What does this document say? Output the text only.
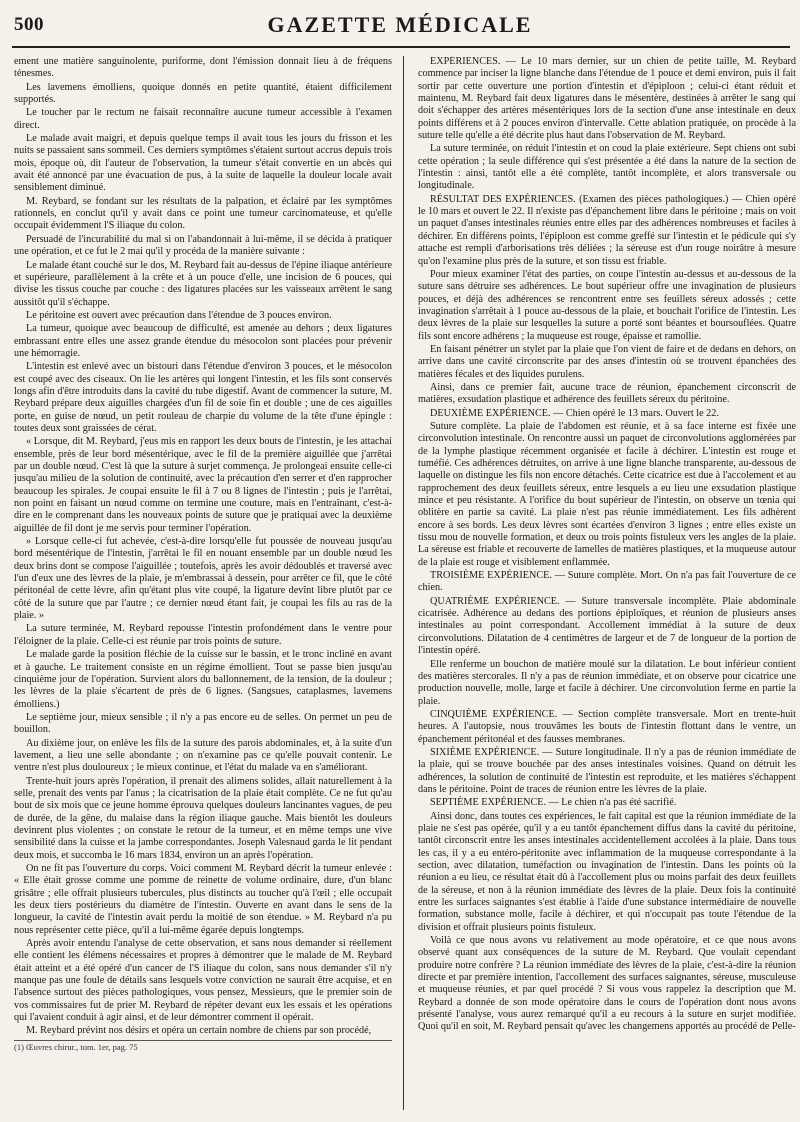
500	GAZETTE MÉDICALE

ement une matière sanguinolente, puriforme, dont l'émission donnait lieu à de fréquens ténesmes.

Les lavemens émolliens, quoique donnés en petite quantité, étaient difficilement supportés.

Le toucher par le rectum ne faisait reconnaître aucune tumeur accessible à l'examen direct.

Le malade avait maigri, et depuis quelque temps il avait tous les jours du frisson et les nuits se passaient sans sommeil. Ces derniers symptômes s'étaient surtout accrus depuis trois mois, époque où, dit l'auteur de l'observation, la tumeur s'était convertie en un abcès qui avait été annoncé par une évacuation de pus, à la suite de laquelle la douleur locale avait sensiblement diminué.

M. Reybard, se fondant sur les résultats de la palpation, et éclairé par les symptômes rationnels, en conclut qu'il y avait dans ce point une tumeur carcinomateuse, et qu'elle occupait évidemment l'S iliaque du colon.

Persuadé de l'incurabilité du mal si on l'abandonnait à lui-même, il se décida à pratiquer une opération, et ce fut le 2 mai qu'il y procéda de la manière suivante :

Le malade étant couché sur le dos, M. Reybard fait au-dessus de l'épine iliaque antérieure et supérieure, parallèlement à la crête et à un pouce d'elle, une incision de 6 pouces, qui divise les tissus couche par couche : des ligatures placées sur les vaisseaux arrêtent le sang aussitôt qu'il s'échappe.

Le péritoine est ouvert avec précaution dans l'étendue de 3 pouces environ.

La tumeur, quoique avec beaucoup de difficulté, est amenée au dehors ; deux ligatures embrassant entre elles une assez grande étendue du mésocolon sont placées pour prévenir une hémorragie.

L'intestin est enlevé avec un bistouri dans l'étendue d'environ 3 pouces, et le mésocolon est coupé avec des ciseaux. On lie les artères qui longent l'intestin, et les fils sont conservés longs afin d'être introduits dans la cavité du tube digestif. Avant de commencer la suture, M. Reybard prépare deux aiguilles chargées d'un fil de soie fin et double ; une de ces aiguilles porte, en guise de nœud, un petit rouleau de charpie du volume de la tête d'une épingle : toutes deux sont graissées de cérat.

« Lorsque, dit M. Reybard, j'eus mis en rapport les deux bouts de l'intestin, je les attachai ensemble, près de leur bord mésentérique, avec le fil de la première aiguillée que j'arrêtai par un double nœud. C'est là que la suture à surjet commença. Je prolongeai ensuite celle-ci jusqu'au milieu de la solution de continuité, avec la précaution d'en serrer et d'en rapprocher beaucoup les spirales. Je coupai ensuite le fil à 7 ou 8 lignes de l'intestin ; puis je l'arrêtai, non point en faisant un nœud comme on termine une couture, mais en l'entraînant, c'est-à-dire en le comprenant dans les nouveaux points de suture que je pratiquai avec la deuxième aiguillée de fil dont je me servis pour terminer l'opération.

» Lorsque celle-ci fut achevée, c'est-à-dire lorsqu'elle fut poussée de nouveau jusqu'au bord mésentérique de l'intestin, j'arrêtai le fil en nouant ensemble par un double nœud les deux brins dont se compose l'aiguillée ; toutefois, après les avoir dédoublés et traversé avec l'un d'eux une des lèvres de la plaie, je m'embrassai à dessein, pour arrêter ce fil, que le côté péritonéal de cette lèvre, afin qu'étant plus vite coupé, la ligature devînt libre plutôt par ce côté de la suture que par l'autre ; ce dernier nœud étant fait, je coupai les fils au ras de la plaie. »

La suture terminée, M. Reybard repousse l'intestin profondément dans le ventre pour l'éloigner de la plaie. Celle-ci est réunie par trois points de suture.

Le malade garde la position fléchie de la cuisse sur le bassin, et le tronc incliné en avant et à gauche. Le traitement consiste en un régime émollient. Tout se passe bien jusqu'au cinquième jour de l'opération. Survient alors du ballonnement, de la tension, de la douleur ; les lèvres de la plaie s'écartent de près de 6 lignes. (Sangsues, cataplasmes, lavemens émolliens.)

Le septième jour, mieux sensible ; il n'y a pas encore eu de selles. On permet un peu de bouillon.

Au dixième jour, on enlève les fils de la suture des parois abdominales, et, à la suite d'un lavement, a lieu une selle abondante ; on n'examine pas ce qu'elle pouvait contenir. Le ventre n'est plus douloureux ; le mieux continue, et l'état du malade va en s'améliorant.

Trente-huit jours après l'opération, il prenait des alimens solides, allait naturellement à la selle, prenait des vents par l'anus ; la cicatrisation de la plaie était complète. Ce ne fut qu'au bout de six mois que ce jeune homme éprouva quelques douleurs lancinantes vagues, de peu de durée, de la gêne, du malaise dans la région iliaque gauche. Mais bientôt les douleurs devinrent plus violentes ; on constate le retour de la tumeur, et en même temps une vive sensibilité dans la cuisse et la jambe correspondantes. Joseph Valesnaud garda le lit pendant deux mois, et succomba le 16 mars 1834, environ un an après l'opération.

On ne fit pas l'ouverture du corps. Voici comment M. Reybard décrit la tumeur enlevée : « Elle était grosse comme une pomme de reinette de volume ordinaire, dure, d'un blanc grisâtre ; elle offrait plusieurs tubercules, plus distincts au toucher qu'à l'œil ; elle occupait les deux tiers postérieurs du diamètre de l'intestin. Ouverte en avant dans le sens de la longueur, la cavité de l'intestin avait perdu la moitié de son étendue. » M. Reybard n'a pu nous représenter cette pièce, qu'il a lui-même égarée depuis longtemps.

Après avoir entendu l'analyse de cette observation, et sans nous demander si réellement elle contient les élémens nécessaires et propres à démontrer que le malade de M. Reybard était atteint et a été opéré d'un cancer de l'S iliaque du colon, sans nous demander s'il n'y manque pas une foule de détails sans lesquels votre conviction ne saurait être acquise, et en l'absence surtout des pièces pathologiques, vous pensez, Messieurs, que le premier soin de vos commissaires fut de prier M. Reybard de répéter devant eux les essais et les opérations qui l'avaient conduit à agir ainsi, et de leur démontrer comment il opérait.

M. Reybard prévint nos désirs et opéra un certain nombre de chiens par son procédé,

(1) Œuvres chirur., tom. 1er, pag. 75

EXPÉRIENCES. — Le 10 mars dernier, sur un chien de petite taille, M. Reybard commence par inciser la ligne blanche dans l'étendue de 1 pouce et demi environ, puis il fait sortir par cette ouverture une portion d'intestin et d'épiploon ; celui-ci étant réduit et maintenu, M. Reybard fait deux ligatures dans le mésentère, destinées à arrêter le sang qui doit s'échapper des artères mésentériques lors de la section d'une anse intestinale en deux points différens et à 2 pouces environ d'intervalle. Cette ablation pratiquée, on procède à la suture telle qu'elle a été décrite plus haut dans l'observation de M. Reybard.

La suture terminée, on réduit l'intestin et on coud la plaie extérieure. Sept chiens ont subi cette opération ; la seule différence qui s'est présentée a été dans la nature de la section de l'intestin : ainsi, tantôt elle a été complète, tantôt incomplète, et alors transversale ou longitudinale.

RÉSULTAT DES EXPÉRIENCES. (Examen des pièces pathologiques.) — Chien opéré le 10 mars et ouvert le 22. Il n'existe pas d'épanchement libre dans le péritoine ; mais on voit un paquet d'anses intestinales réunies entre elles par des adhérences nombreuses et faciles à déchirer. En différens points, l'épiploon est comme greffé sur l'intestin et le pédicule qui s'y attache est rempli d'arborisations très déliées ; la séreuse est d'un rouge noirâtre à mesure qu'on l'examine plus près de la suture, et son tissu est friable.

Pour mieux examiner l'état des parties, on coupe l'intestin au-dessus et au-dessous de la suture sans détruire ses adhérences. Le bout supérieur offre une invagination de plusieurs pouces, et déjà des adhérences se rencontrent entre ses feuillets séreux adossés ; cette invagination s'arrêtait à 1 pouce au-dessous de la plaie, et bouchait l'orifice de l'intestin. Les deux lèvres de la plaie sur lesquelles la suture a porté sont béantes et boursouflées. Quatre fils sont encore adhérens ; la muqueuse est rouge, épaisse et ramollie.

En faisant pénétrer un stylet par la plaie que l'on vient de faire et de dedans en dehors, on arrive dans une cavité circonscrite par des anses d'intestin où se trouvent épanchées des matières fécales et des liquides purulens.

Ainsi, dans ce premier fait, aucune trace de réunion, épanchement circonscrit de matières, exsudation plastique et adhérence des feuillets séreux du péritoine.

DEUXIÈME EXPÉRIENCE. — Chien opéré le 13 mars. Ouvert le 22.

Suture complète. La plaie de l'abdomen est réunie, et à sa face interne est fixée une circonvolution intestinale. On rencontre aussi un paquet de circonvolutions agglomérées par de la lymphe plastique récemment organisée et facile à déchirer. L'intestin est rouge et tuméfié. Ces adhérences détruites, on arrive à une ligne blanche transparente, au-dessous de laquelle on distingue les fils non encore détachés. Cette cicatrice est due à l'accolement et au rapprochement des deux feuillets séreux, entre lesquels a eu lieu une exsudation plastique mince et peu résistante. A l'orifice du bout supérieur de l'intestin, on observe un tœnia qui oblitère en partie sa cavité. La plaie n'est pas réunie immédiatement. Les fils adhèrent encore à ses bords. Les deux lèvres sont écartées d'environ 3 lignes ; entre elles existe un tissu mou de nouvelle formation, et deux ou trois points fistuleux vers les angles de la plaie. La séreuse est friable et recouverte de lamelles de matières plastiques, et la muqueuse autour de la plaie est rouge et visiblement enflammée.

TROISIÈME EXPÉRIENCE. — Suture complète. Mort. On n'a pas fait l'ouverture de ce chien.

QUATRIÈME EXPÉRIENCE. — Suture transversale incomplète. Plaie abdominale cicatrisée. Adhérence au dedans des portions épiploïques, et réunion de plusieurs anses intestinales au point correspondant. Accollement immédiat à la suture de deux circonvolutions. Dilatation de 4 centimètres de largeur et de 7 de longueur de la portion de l'intestin opéré.

Elle renferme un bouchon de matière moulé sur la dilatation. Le bout inférieur contient des matières stercorales. Il n'y a pas de réunion immédiate, et on observe pour cicatrice une production nouvelle, molle, large et facile à déchirer. Une circonvolution ferme en partie la plaie.

CINQUIÈME EXPÉRIENCE. — Section complète transversale. Mort en trente-huit heures. A l'autopsie, nous trouvâmes les bouts de l'intestin flottant dans le ventre, un épanchement péritonéal et des fausses membranes.

SIXIÈME EXPÉRIENCE. — Suture longitudinale. Il n'y a pas de réunion immédiate de la plaie, qui se trouve bouchée par des anses intestinales voisines. Quand on détruit les adhérences, la solution de continuité de l'intestin est reproduite, et les matières s'échappent dans le péritoine. Point de traces de réunion entre les lèvres de la plaie.

SEPTIÈME EXPÉRIENCE. — Le chien n'a pas été sacrifié.

Ainsi donc, dans toutes ces expériences, le fait capital est que la réunion immédiate de la plaie ne s'est pas opérée, qu'il y a eu tantôt épanchement diffus dans la cavité du péritoine, tantôt circonscrit entre les anses intestinales accidentellement accolées à la plaie. Dans tous les cas, il y a eu entéro-péritonite avec inflammation de la muqueuse correspondante à la section, avec dilatation, tuméfaction ou invagination de l'intestin. Dans les points où la réunion a eu lieu, ce résultat était dû à l'accollement plus ou moins parfait des deux feuillets de la séreuse, et non à la réunion immédiate des lèvres de la plaie. Deux fois la continuité entre les surfaces saignantes s'est établie à l'aide d'une substance intermédiaire de nouvelle formation, substance molle, facile à déchirer, et qui n'occupait pas toute l'étendue de la division et offrait plusieurs points fistuleux.

Voilà ce que nous avons vu relativement au mode opératoire, et ce que nous avons observé quant aux conséquences de la suture de M. Reybard. Que voulait cependant produire notre confrère ? La réunion immédiate des lèvres de la plaie, c'est-à-dire la réunion directe et par première intention, l'accollement des surfaces saignantes, séreuse, musculeuse et muqueuse réunies, et par quel procédé ? Si vous vous rappelez la description que M. Reybard a donnée de son mode opératoire dans le cours de l'opération dont nous avons présenté l'analyse, vous aurez remarqué qu'il a eu recours à la suture en surjet modifiée. Quoi qu'il en soit, M. Reybard pensait qu'avec les changemens apportés au procédé de Pelle-
